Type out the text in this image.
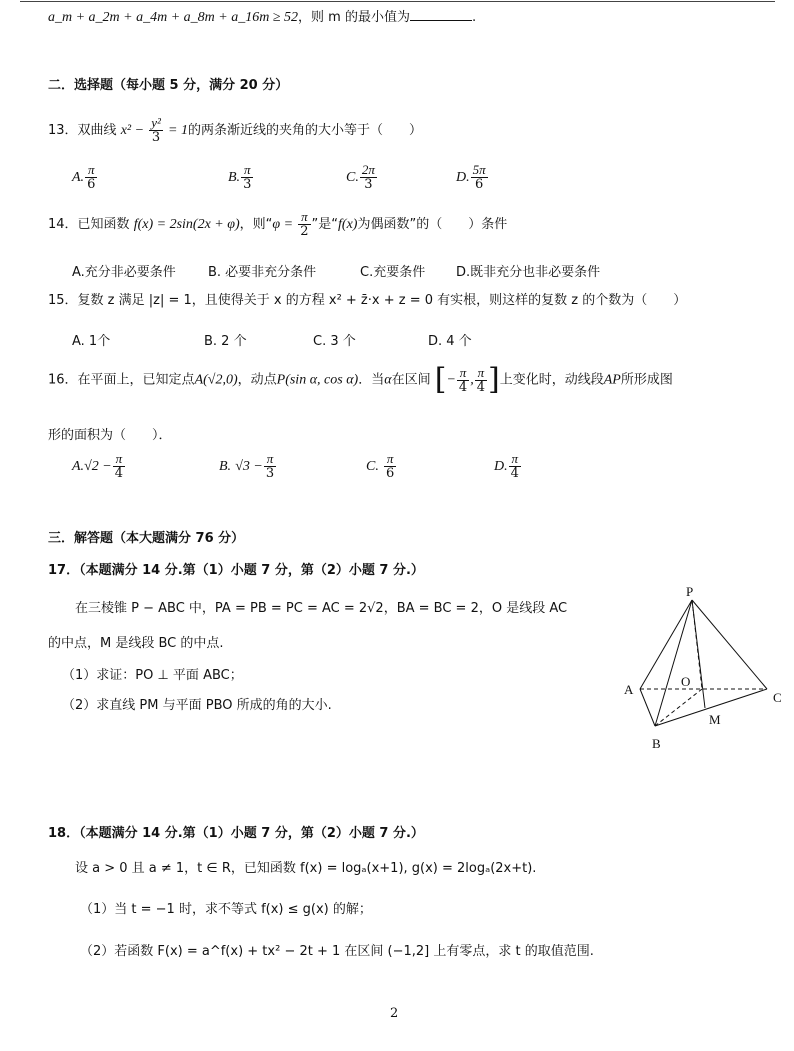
a_m + a_2m + a_4m + a_8m + a_16m ≥ 52，则 m 的最小值为	.
二．选择题（每小题 5 分，满分 20 分）
13．双曲线 $x^2 - \frac{\text{y²}}{3} = 1$的两条渐近线的夹角的大小等于（　　）
A. $\frac{\pi}{6}$	B. $\frac{\pi}{3}$	C. $\frac{2\pi}{3}$	D. $\frac{5\pi}{6}$
14．已知函数 f(x) = 2sin(2x + φ)，则“$\varphi = \frac{\pi}{2}$ ”是“f(x)为偶函数”的（　　）条件
A.充分非必要条件 B. 必要非充分条件	C.充要条件 D.既非充分也非必要条件
15．复数 z 满足 |z| = 1，且使得关于 x 的方程 x² + z̄·x + z = 0 有实根，则这样的复数 z 的个数为（　　）
A. 1个	B. 2 个	C. 3 个	D. 4 个
16．在平面上，已知定点A(√2,0)，动点P(sin α, cos α)．当α在区间 [− $\frac{\pi}{4}$ , $\frac{\pi}{4}$ ]上变化时，动线段AP所形成图
形的面积为（　　）．
$A.√2 - \frac{\pi}{4}$	B. $√3 - \frac{\pi}{3}$	C. $\frac{\pi}{6}$	D. $\frac{\pi}{4}$
三．解答题（本大题满分 76 分）
17．（本题满分 14 分.第（1）小题 7 分，第（2）小题 7 分.）
在三棱锥 P − ABC 中，PA = PB = PC = AC = 2√2，BA = BC = 2，O 是线段 AC
的中点，M 是线段 BC 的中点.
（1）求证：PO ⊥ 平面 ABC；
（2）求直线 PM 与平面 PBO 所成的角的大小.
P
A
O
C
M
B
18．（本题满分 14 分.第（1）小题 7 分，第（2）小题 7 分.）
设 a > 0 且 a ≠ 1，t ∈ R，已知函数 f(x) = logₐ(x+1), g(x) = 2logₐ(2x+t).
（1）当 t = −1 时，求不等式 f(x) ≤ g(x) 的解；
（2）若函数 F(x) = a^f(x) + tx² − 2t + 1 在区间 (−1,2] 上有零点，求 t 的取值范围.
2
